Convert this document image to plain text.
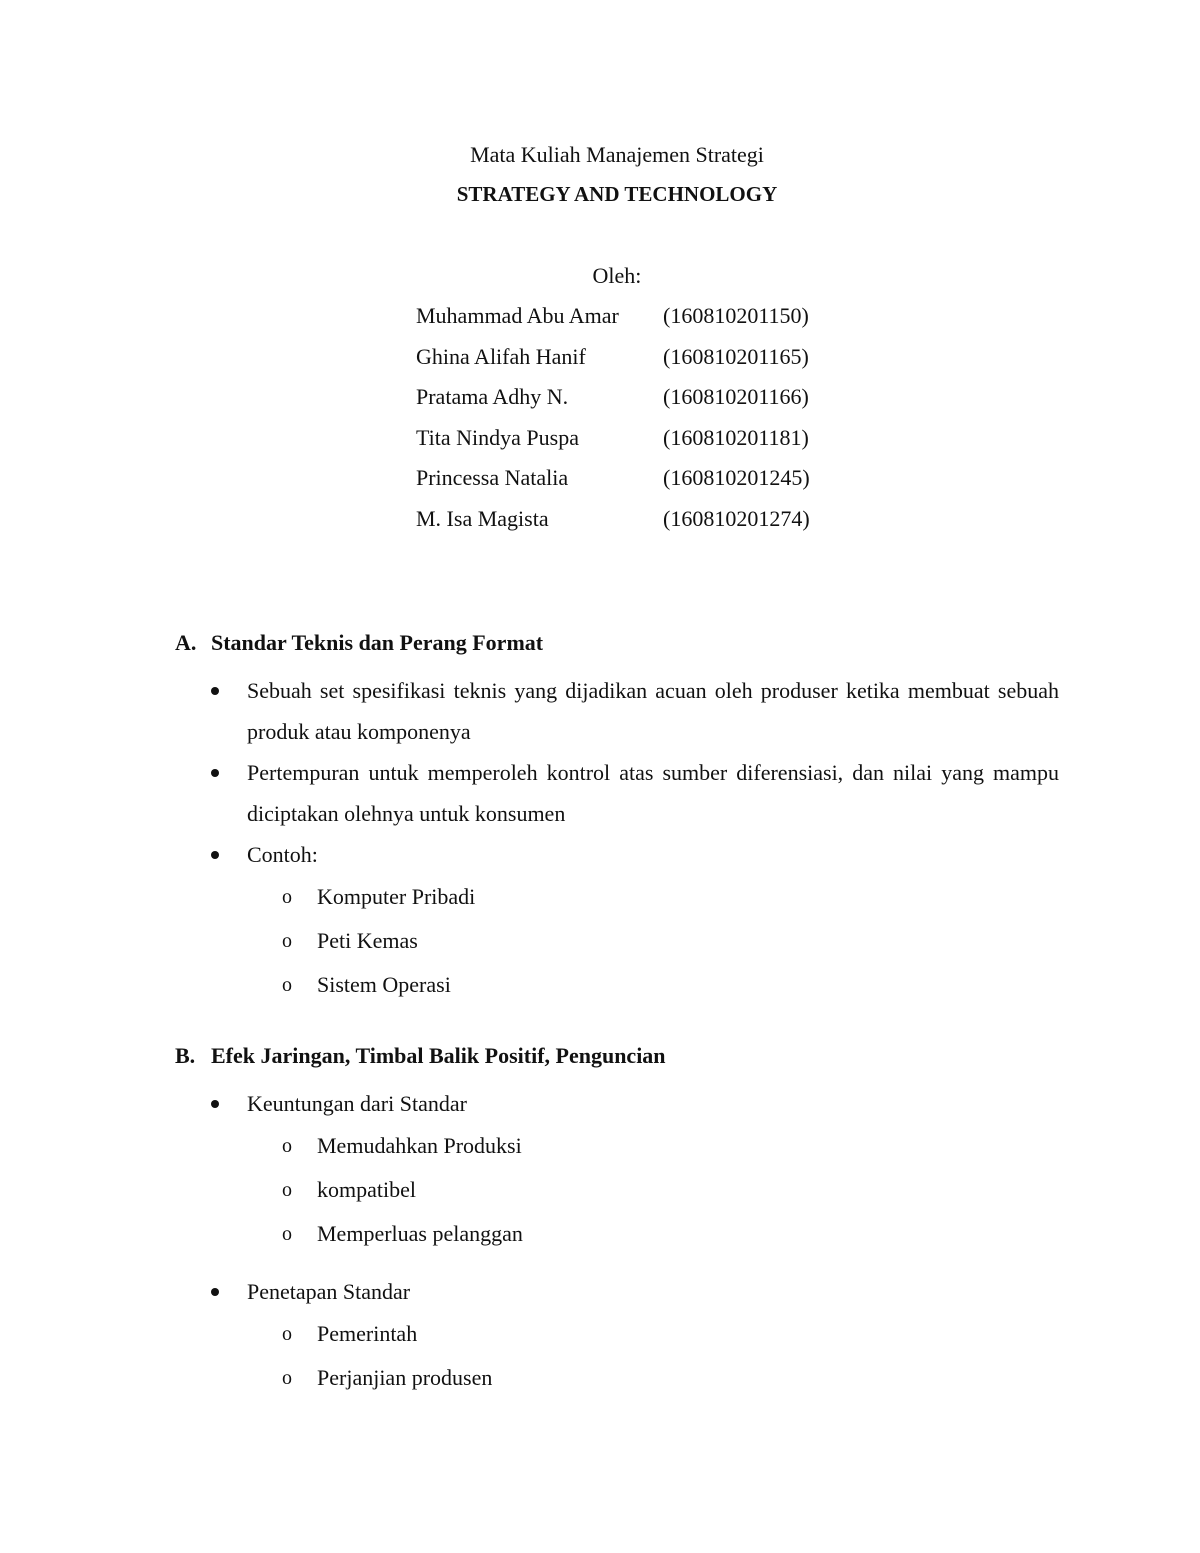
Mata Kuliah Manajemen Strategi
STRATEGY AND TECHNOLOGY
Oleh:
Muhammad Abu Amar (160810201150)
Ghina Alifah Hanif	(160810201165)
Pratama Adhy N.	(160810201166)
Tita Nindya Puspa	(160810201181)
Princessa Natalia	(160810201245)
M. Isa Magista	(160810201274)
A. Standar Teknis dan Perang Format
Sebuah set spesifikasi teknis yang dijadikan acuan oleh produser ketika membuat sebuah produk atau komponenya
Pertempuran untuk memperoleh kontrol atas sumber diferensiasi, dan nilai yang mampu diciptakan olehnya untuk konsumen
Contoh:
o Komputer Pribadi
o Peti Kemas
o Sistem Operasi
B. Efek Jaringan, Timbal Balik Positif, Penguncian
Keuntungan dari Standar
o Memudahkan Produksi
o kompatibel
o Memperluas pelanggan
Penetapan Standar
o Pemerintah
o Perjanjian produsen
